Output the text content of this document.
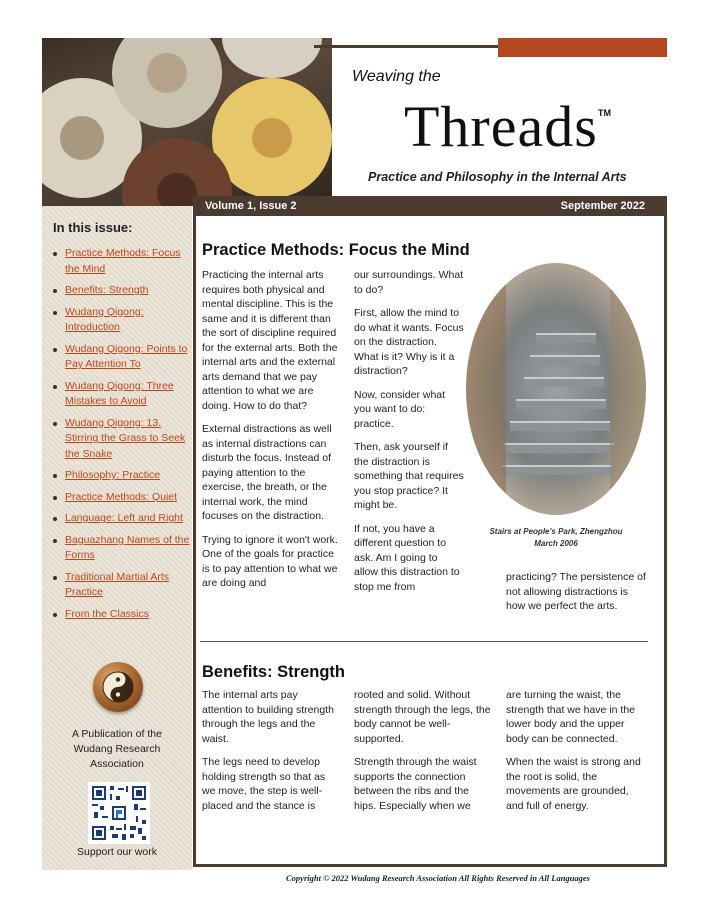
Weaving the
Threads TM
Practice and Philosophy in the Internal Arts
In this issue:
Practice Methods: Focus the Mind
Benefits: Strength
Wudang Qigong: Introduction
Wudang Qigong: Points to Pay Attention To
Wudang Qigong: Three Mistakes to Avoid
Wudang Qigong: 13. Stirring the Grass to Seek the Snake
Philosophy: Practice
Practice Methods: Quiet
Language: Left and Right
Baguazhang Names of the Forms
Traditional Martial Arts Practice
From the Classics
A Publication of the Wudang Research Association
Support our work
Volume 1, Issue 2	September 2022
Practice Methods: Focus the Mind

Practicing the internal arts requires both physical and mental discipline. This is the same and it is different than the sort of discipline required for the external arts. Both the internal arts and the external arts demand that we pay attention to what we are doing. How to do that?

External distractions as well as internal distractions can disturb the focus. Instead of paying attention to the exercise, the breath, or the internal work, the mind focuses on the distraction.

Trying to ignore it won't work. One of the goals for practice is to pay attention to what we are doing and

our surroundings. What to do?

First, allow the mind to do what it wants. Focus on the distraction. What is it? Why is it a distraction?

Now, consider what you want to do: practice.

Then, ask yourself if the distraction is something that requires you stop practice? It might be.

If not, you have a different question to ask. Am I going to allow this distraction to stop me from

Stairs at People's Park, Zhengzhou
March 2006

practicing? The persistence of not allowing distractions is how we perfect the arts.

Benefits: Strength

The internal arts pay attention to building strength through the legs and the waist.

The legs need to develop holding strength so that as we move, the step is well-placed and the stance is

rooted and solid. Without strength through the legs, the body cannot be well-supported.

Strength through the waist supports the connection between the ribs and the hips. Especially when we

are turning the waist, the strength that we have in the lower body and the upper body can be connected.

When the waist is strong and the root is solid, the movements are grounded, and full of energy.

Copyright © 2022 Wudang Research Association All Rights Reserved in All Languages
